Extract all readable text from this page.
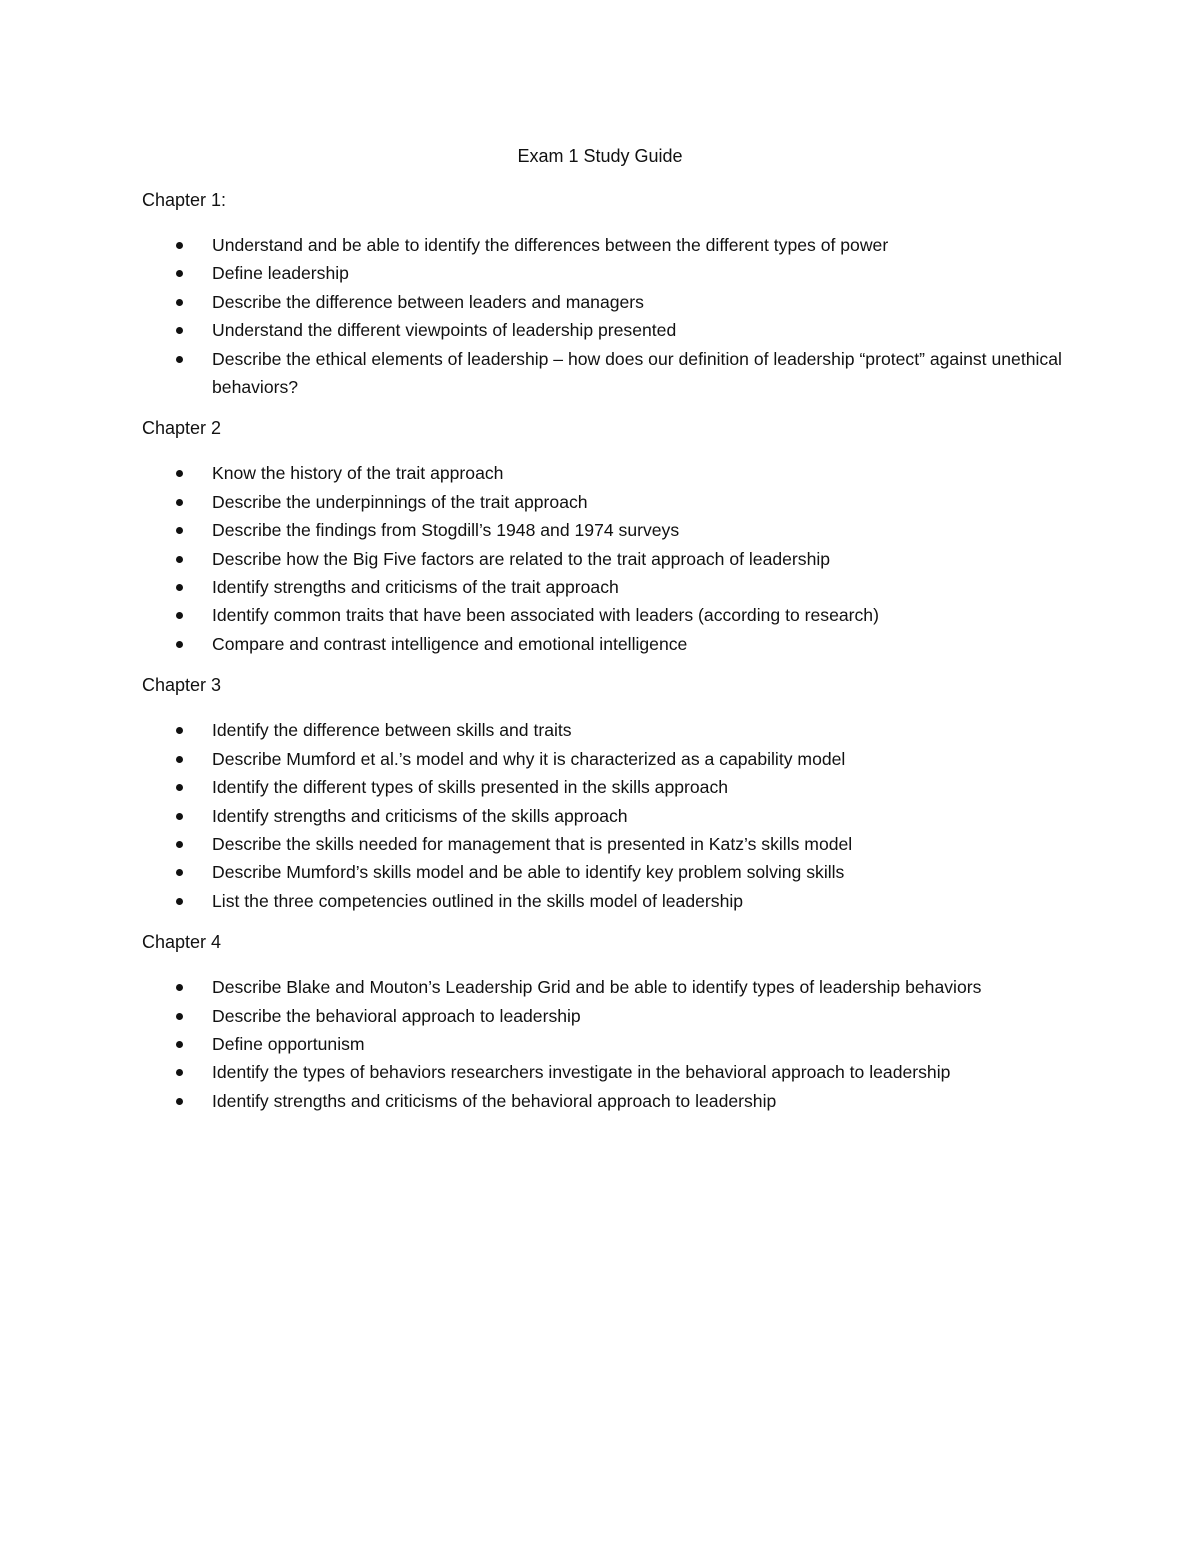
Exam 1 Study Guide

Chapter 1:

Understand and be able to identify the differences between the different types of power
Define leadership
Describe the difference between leaders and managers
Understand the different viewpoints of leadership presented
Describe the ethical elements of leadership – how does our definition of leadership “protect” against unethical behaviors?

Chapter 2

Know the history of the trait approach
Describe the underpinnings of the trait approach
Describe the findings from Stogdill’s 1948 and 1974 surveys
Describe how the Big Five factors are related to the trait approach of leadership
Identify strengths and criticisms of the trait approach
Identify common traits that have been associated with leaders (according to research)
Compare and contrast intelligence and emotional intelligence

Chapter 3

Identify the difference between skills and traits
Describe Mumford et al.’s model and why it is characterized as a capability model
Identify the different types of skills presented in the skills approach
Identify strengths and criticisms of the skills approach
Describe the skills needed for management that is presented in Katz’s skills model
Describe Mumford’s skills model and be able to identify key problem solving skills
List the three competencies outlined in the skills model of leadership

Chapter 4

Describe Blake and Mouton’s Leadership Grid and be able to identify types of leadership behaviors
Describe the behavioral approach to leadership
Define opportunism
Identify the types of behaviors researchers investigate in the behavioral approach to leadership
Identify strengths and criticisms of the behavioral approach to leadership
